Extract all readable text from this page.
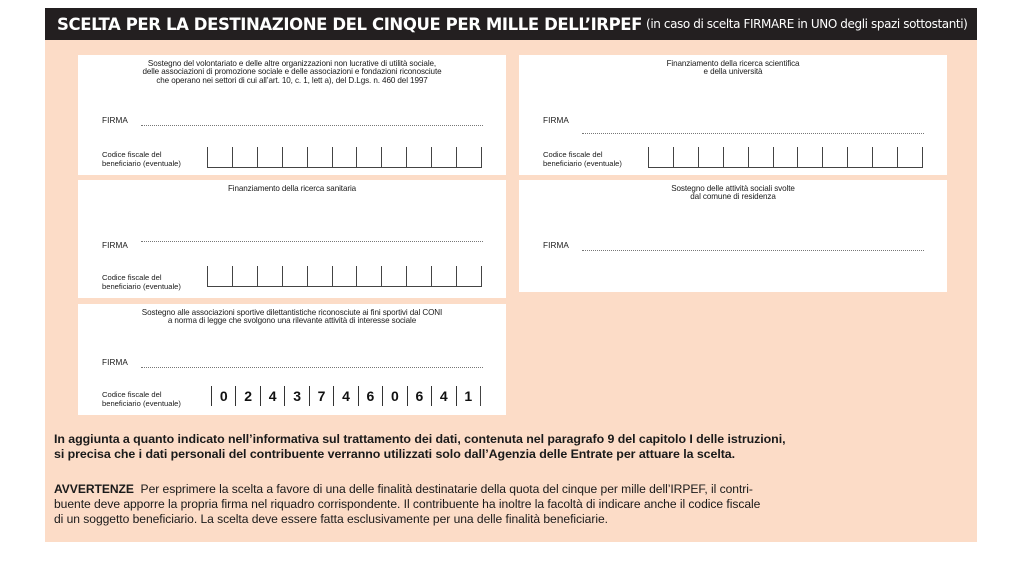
SCELTA PER LA DESTINAZIONE DEL CINQUE PER MILLE DELL’IRPEF (in caso di scelta FIRMARE in UNO degli spazi sottostanti)
Sostegno del volontariato e delle altre organizzazioni non lucrative di utilità sociale,
delle associazioni di promozione sociale e delle associazioni e fondazioni riconosciute
che operano nei settori di cui all’art. 10, c. 1, lett a), del D.Lgs. n. 460 del 1997
FIRMA
Codice fiscale del
beneficiario (eventuale)
Finanziamento della ricerca scientifica
e della università
FIRMA
Codice fiscale del
beneficiario (eventuale)
Finanziamento della ricerca sanitaria
FIRMA
Codice fiscale del
beneficiario (eventuale)
Sostegno delle attività sociali svolte
dal comune di residenza
FIRMA
Sostegno alle associazioni sportive dilettantistiche riconosciute ai fini sportivi dal CONI
a norma di legge che svolgono una rilevante attività di interesse sociale
FIRMA
Codice fiscale del
beneficiario (eventuale)	0	2	4	3	7	4	6	0	6	4	1
In aggiunta a quanto indicato nell’informativa sul trattamento dei dati, contenuta nel paragrafo 9 del capitolo I delle istruzioni,
si precisa che i dati personali del contribuente verranno utilizzati solo dall’Agenzia delle Entrate per attuare la scelta.
AVVERTENZE Per esprimere la scelta a favore di una delle finalità destinatarie della quota del cinque per mille dell’IRPEF, il contri-
buente deve apporre la propria firma nel riquadro corrispondente. Il contribuente ha inoltre la facoltà di indicare anche il codice fiscale
di un soggetto beneficiario. La scelta deve essere fatta esclusivamente per una delle finalità beneficiarie.
